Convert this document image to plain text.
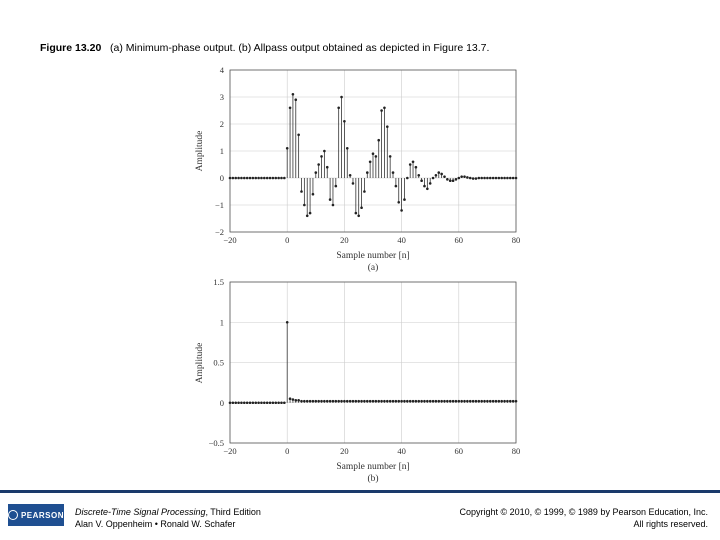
Figure 13.20 (a) Minimum-phase output. (b) Allpass output obtained as depicted in Figure 13.7.
−20	0	20	40	60	80
−2
−1
0
1
2
3
4
Sample number [n]
Amplitude
(a)
−20	0	20	40	60	80
−0.5
0
0.5
1
1.5
Sample number [n]
Amplitude
(b)
PEARSON Discrete-Time Signal Processing, Third Edition
Alan V. Oppenheim • Ronald W. Schafer
Copyright © 2010, © 1999, © 1989 by Pearson Education, Inc.
All rights reserved.
